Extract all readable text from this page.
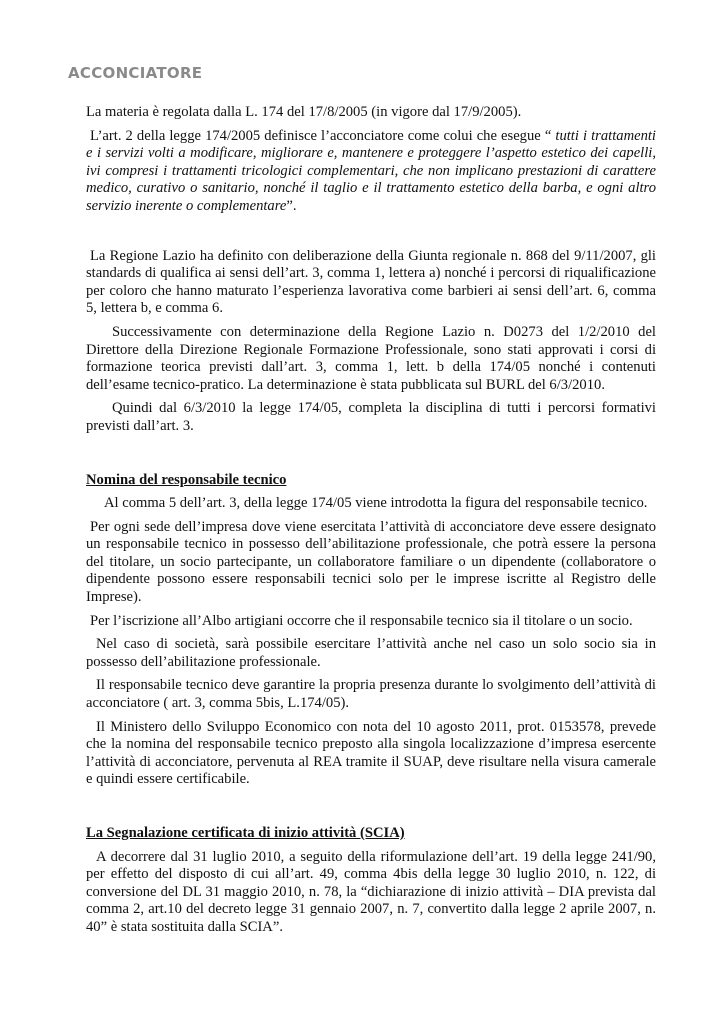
ACCONCIATORE

La materia è regolata dalla L. 174 del 17/8/2005 (in vigore dal 17/9/2005).

L’art. 2 della legge 174/2005 definisce l’acconciatore come colui che esegue “ tutti i trattamenti e i servizi volti a modificare, migliorare e, mantenere e proteggere l’aspetto estetico dei capelli, ivi compresi i trattamenti tricologici complementari, che non implicano prestazioni di carattere medico, curativo o sanitario, nonché il taglio e il trattamento estetico della barba, e ogni altro servizio inerente o complementare”.

La Regione Lazio ha definito con deliberazione della Giunta regionale n. 868 del 9/11/2007, gli standards di qualifica ai sensi dell’art. 3, comma 1, lettera a) nonché i percorsi di riqualificazione per coloro che hanno maturato l’esperienza lavorativa come barbieri ai sensi dell’art. 6, comma 5, lettera b, e comma 6.

Successivamente con determinazione della Regione Lazio n. D0273 del 1/2/2010 del Direttore della Direzione Regionale Formazione Professionale, sono stati approvati i corsi di formazione teorica previsti dall’art. 3, comma 1, lett. b della 174/05 nonché i contenuti dell’esame tecnico-pratico. La determinazione è stata pubblicata sul BURL del 6/3/2010.

Quindi dal 6/3/2010 la legge 174/05, completa la disciplina di tutti i percorsi formativi previsti dall’art. 3.

Nomina del responsabile tecnico

Al comma 5 dell’art. 3, della legge 174/05 viene introdotta la figura del responsabile tecnico.

Per ogni sede dell’impresa dove viene esercitata l’attività di acconciatore deve essere designato un responsabile tecnico in possesso dell’abilitazione professionale, che potrà essere la persona del titolare, un socio partecipante, un collaboratore familiare o un dipendente (collaboratore o dipendente possono essere responsabili tecnici solo per le imprese iscritte al Registro delle Imprese).

Per l’iscrizione all’Albo artigiani occorre che il responsabile tecnico sia il titolare o un socio.

Nel caso di società, sarà possibile esercitare l’attività anche nel caso un solo socio sia in possesso dell’abilitazione professionale.

Il responsabile tecnico deve garantire la propria presenza durante lo svolgimento dell’attività di acconciatore ( art. 3, comma 5bis, L.174/05).

Il Ministero dello Sviluppo Economico con nota del 10 agosto 2011, prot. 0153578, prevede che la nomina del responsabile tecnico preposto alla singola localizzazione d’impresa esercente l’attività di acconciatore, pervenuta al REA tramite il SUAP, deve risultare nella visura camerale e quindi essere certificabile.

La Segnalazione certificata di inizio attività (SCIA)

A decorrere dal 31 luglio 2010, a seguito della riformulazione dell’art. 19 della legge 241/90, per effetto del disposto di cui all’art. 49, comma 4bis della legge 30 luglio 2010, n. 122, di conversione del DL 31 maggio 2010, n. 78, la “dichiarazione di inizio attività – DIA prevista dal comma 2, art.10 del decreto legge 31 gennaio 2007, n. 7, convertito dalla legge 2 aprile 2007, n. 40” è stata sostituita dalla SCIA”.
